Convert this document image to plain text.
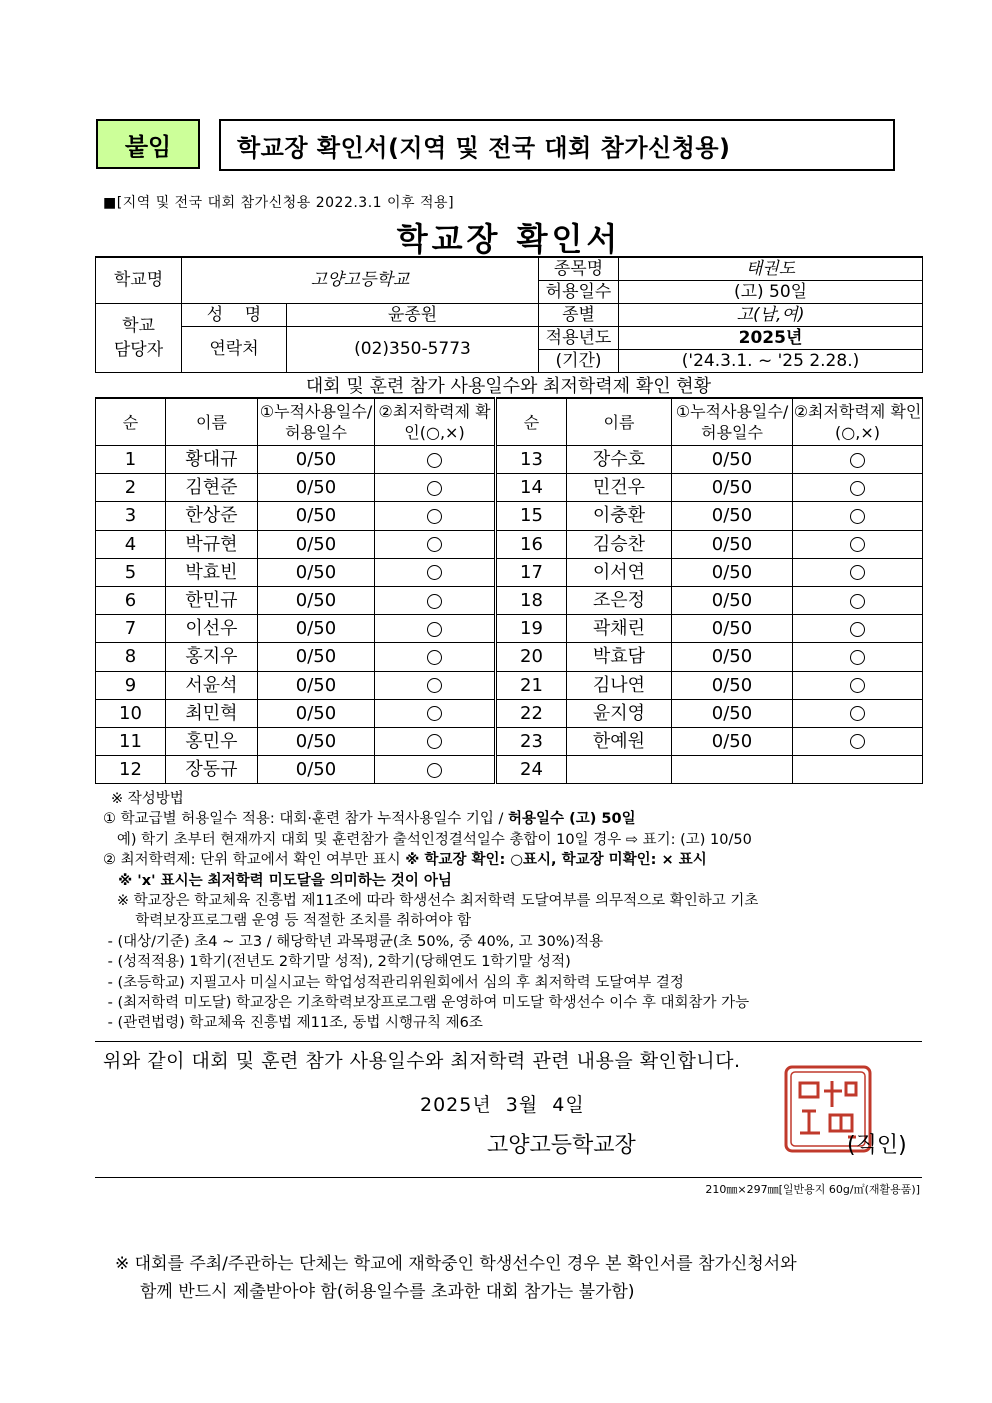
붙임	학교장 확인서(지역 및 전국 대회 참가신청용)
■[지역 및 전국 대회 참가신청용 2022.3.1 이후 적용]
학교장 확인서
학교명	고양고등학교		종목명	태권도
			허용일수	(고) 50일
학교
담당자	성    명	윤종원	종별	고(남,여)
	연락처	(02)350-5773	적용년도	2025년
			(기간)	('24.3.1. ~ '25 2.28.)
대회 및 훈련 참가 사용일수와 최저학력제 확인 현황
순	이름	①누적사용일수/허용일수	②최저학력제 확인(○,×)	순	이름	①누적사용일수/허용일수	②최저학력제 확인(○,×)
1	황대규	0/50		13	장수호	0/50	
2	김현준	0/50		14	민건우	0/50	
3	한상준	0/50		15	이충환	0/50	
4	박규현	0/50		16	김승찬	0/50	
5	박효빈	0/50		17	이서연	0/50	
6	한민규	0/50		18	조은정	0/50	
7	이선우	0/50		19	곽채린	0/50	
8	홍지우	0/50		20	박효담	0/50	
9	서윤석	0/50		21	김나연	0/50	
10	최민혁	0/50		22	윤지영	0/50	
11	홍민우	0/50		23	한예원	0/50	
12	장동규	0/50		24			
※ 작성방법
① 학교급별 허용일수 적용: 대회·훈련 참가 누적사용일수 기입 / 허용일수 (고) 50일
예) 학기 초부터 현재까지 대회 및 훈련참가 출석인정결석일수 총합이 10일 경우 ⇨ 표기: (고) 10/50
② 최저학력제: 단위 학교에서 확인 여부만 표시 ※ 학교장 확인: ○표시, 학교장 미확인: × 표시
※ 'x' 표시는 최저학력 미도달을 의미하는 것이 아님
※ 학교장은 학교체육 진흥법 제11조에 따라 학생선수 최저학력 도달여부를 의무적으로 확인하고 기초
학력보장프로그램 운영 등 적절한 조치를 취하여야 함
- (대상/기준) 초4 ~ 고3 / 해당학년 과목평균(초 50%, 중 40%, 고 30%)적용
- (성적적용) 1학기(전년도 2학기말 성적), 2학기(당해연도 1학기말 성적)
- (초등학교) 지필고사 미실시교는 학업성적관리위원회에서 심의 후 최저학력 도달여부 결정
- (최저학력 미도달) 학교장은 기초학력보장프로그램 운영하여 미도달 학생선수 이수 후 대회참가 가능
- (관련법령) 학교체육 진흥법 제11조, 동법 시행규칙 제6조
위와 같이 대회 및 훈련 참가 사용일수와 최저학력 관련 내용을 확인합니다.
2025년  3월  4일
고양고등학교장	(직인)
210㎜×297㎜[일반용지 60g/㎡(재활용품)]
※ 대회를 주최/주관하는 단체는 학교에 재학중인 학생선수인 경우 본 확인서를 참가신청서와
함께 반드시 제출받아야 함(허용일수를 초과한 대회 참가는 불가함)
